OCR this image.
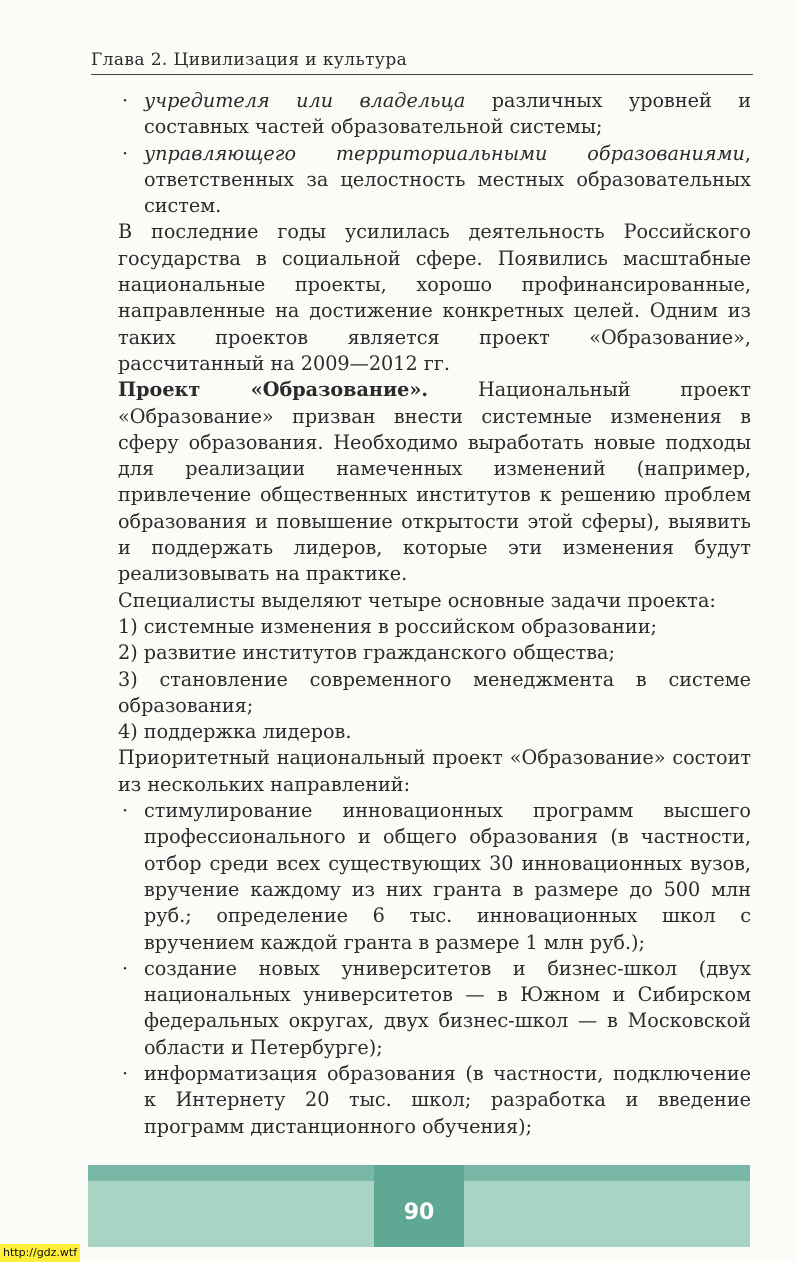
Глава 2. Цивилизация и культура
· учредителя или владельца различных уровней и составных частей образовательной системы;
· управляющего территориальными образованиями, ответственных за целостность местных образовательных систем.

В последние годы усилилась деятельность Российского государства в социальной сфере. Появились масштабные национальные проекты, хорошо профинансированные, направленные на достижение конкретных целей. Одним из таких проектов является проект «Образование», рассчитанный на 2009—2012 гг.

Проект «Образование». Национальный проект «Образование» призван внести системные изменения в сферу образования. Необходимо выработать новые подходы для реализации намеченных изменений (например, привлечение общественных институтов к решению проблем образования и повышение открытости этой сферы), выявить и поддержать лидеров, которые эти изменения будут реализовывать на практике.

Специалисты выделяют четыре основные задачи проекта:

1) системные изменения в российском образовании;

2) развитие институтов гражданского общества;

3) становление современного менеджмента в системе образования;

4) поддержка лидеров.

Приоритетный национальный проект «Образование» состоит из нескольких направлений:

· стимулирование инновационных программ высшего профессионального и общего образования (в частности, отбор среди всех существующих 30 инновационных вузов, вручение каждому из них гранта в размере до 500 млн руб.; определение 6 тыс. инновационных школ с вручением каждой гранта в размере 1 млн руб.);
· создание новых университетов и бизнес-школ (двух национальных университетов — в Южном и Сибирском федеральных округах, двух бизнес-школ — в Московской области и Петербурге);
· информатизация образования (в частности, подключение к Интернету 20 тыс. школ; разработка и введение программ дистанционного обучения);
90
http://gdz.wtf
